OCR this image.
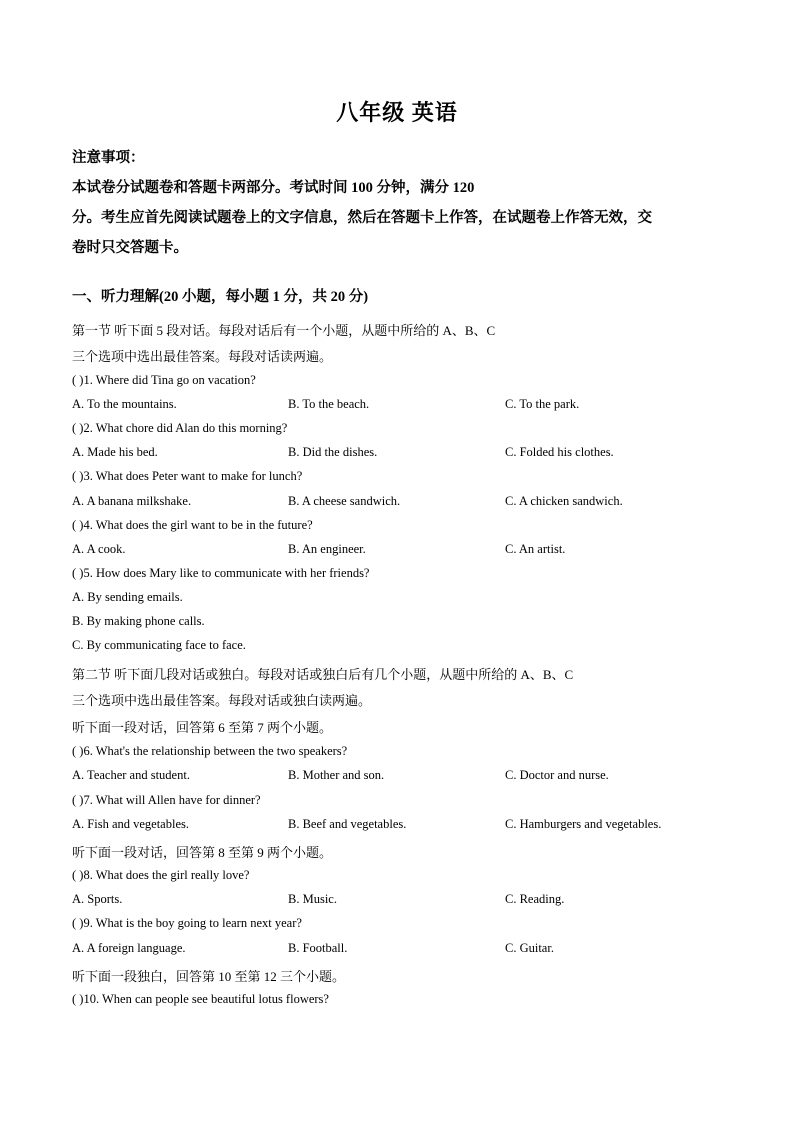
八年级 英语
注意事项：
本试卷分试题卷和答题卡两部分。考试时间 100 分钟，满分 120
分。考生应首先阅读试题卷上的文字信息，然后在答题卡上作答，在试题卷上作答无效，交
卷时只交答题卡。
一、听力理解(20 小题，每小题 1 分，共 20 分)
第一节 听下面 5 段对话。每段对话后有一个小题，从题中所给的 A、B、C
三个选项中选出最佳答案。每段对话读两遍。
( )1. Where did Tina go on vacation?
A. To the mountains.	B. To the beach.	C. To the park.
( )2. What chore did Alan do this morning?
A. Made his bed.	B. Did the dishes.	C. Folded his clothes.
( )3. What does Peter want to make for lunch?
A. A banana milkshake.	B. A cheese sandwich.	C. A chicken sandwich.
( )4. What does the girl want to be in the future?
A. A cook.	B. An engineer.	C. An artist.
( )5. How does Mary like to communicate with her friends?
A. By sending emails.
B. By making phone calls.
C. By communicating face to face.
第二节 听下面几段对话或独白。每段对话或独白后有几个小题，从题中所给的 A、B、C
三个选项中选出最佳答案。每段对话或独白读两遍。
听下面一段对话，回答第 6 至第 7 两个小题。
( )6. What's the relationship between the two speakers?
A. Teacher and student.	B. Mother and son.	C. Doctor and nurse.
( )7. What will Allen have for dinner?
A. Fish and vegetables.	B. Beef and vegetables.	C. Hamburgers and vegetables.
听下面一段对话，回答第 8 至第 9 两个小题。
( )8. What does the girl really love?
A. Sports.	B. Music.	C. Reading.
( )9. What is the boy going to learn next year?
A. A foreign language.	B. Football.	C. Guitar.
听下面一段独白，回答第 10 至第 12 三个小题。
( )10. When can people see beautiful lotus flowers?
